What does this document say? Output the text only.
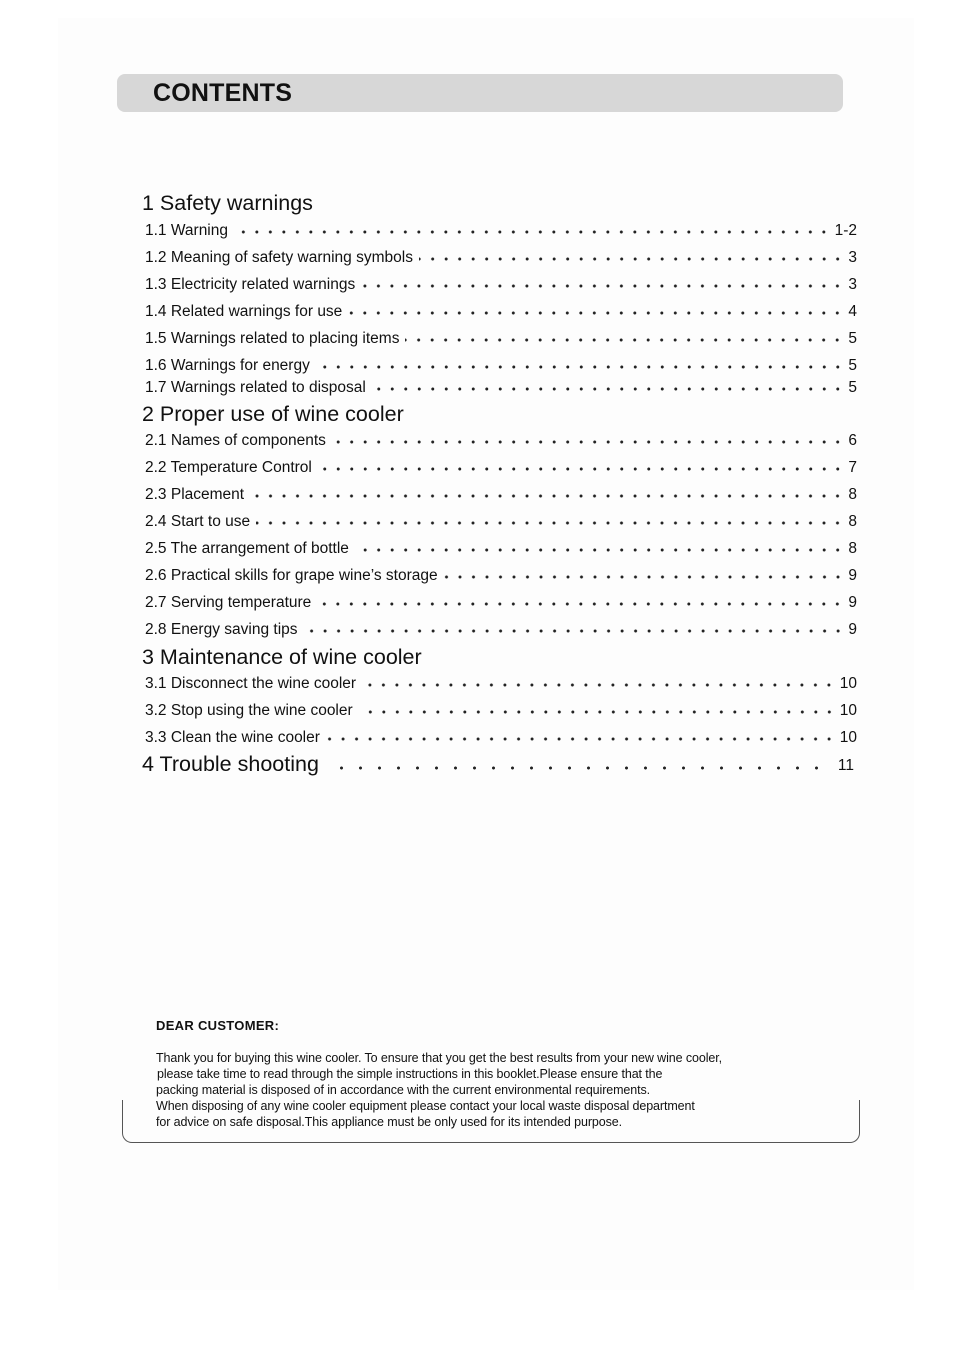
CONTENTS
1 Safety warnings
1.1 Warning	1-2
1.2 Meaning of safety warning symbols	3
1.3 Electricity related warnings	3
1.4 Related warnings for use	4
1.5 Warnings related to placing items	5
1.6 Warnings for energy	5
1.7 Warnings related to disposal	5
2 Proper use of wine cooler
2.1 Names of components	6
2.2 Temperature Control	7
2.3 Placement	8
2.4 Start to use	8
2.5 The arrangement of bottle	8
2.6 Practical skills for grape wine’s storage	9
2.7 Serving temperature	9
2.8 Energy saving tips	9
3 Maintenance of wine cooler
3.1 Disconnect the wine cooler	10
3.2 Stop using the wine cooler	10
3.3 Clean the wine cooler	10
4 Trouble shooting	11
DEAR CUSTOMER:
Thank you for buying this wine cooler. To ensure that you get the best results from your new wine cooler,
please take time to read through the simple instructions in this booklet.Please ensure that the
packing material is disposed of in accordance with the current environmental requirements.
When disposing of any wine cooler equipment please contact your local waste disposal department
for advice on safe disposal.This appliance must be only used for its intended purpose.
